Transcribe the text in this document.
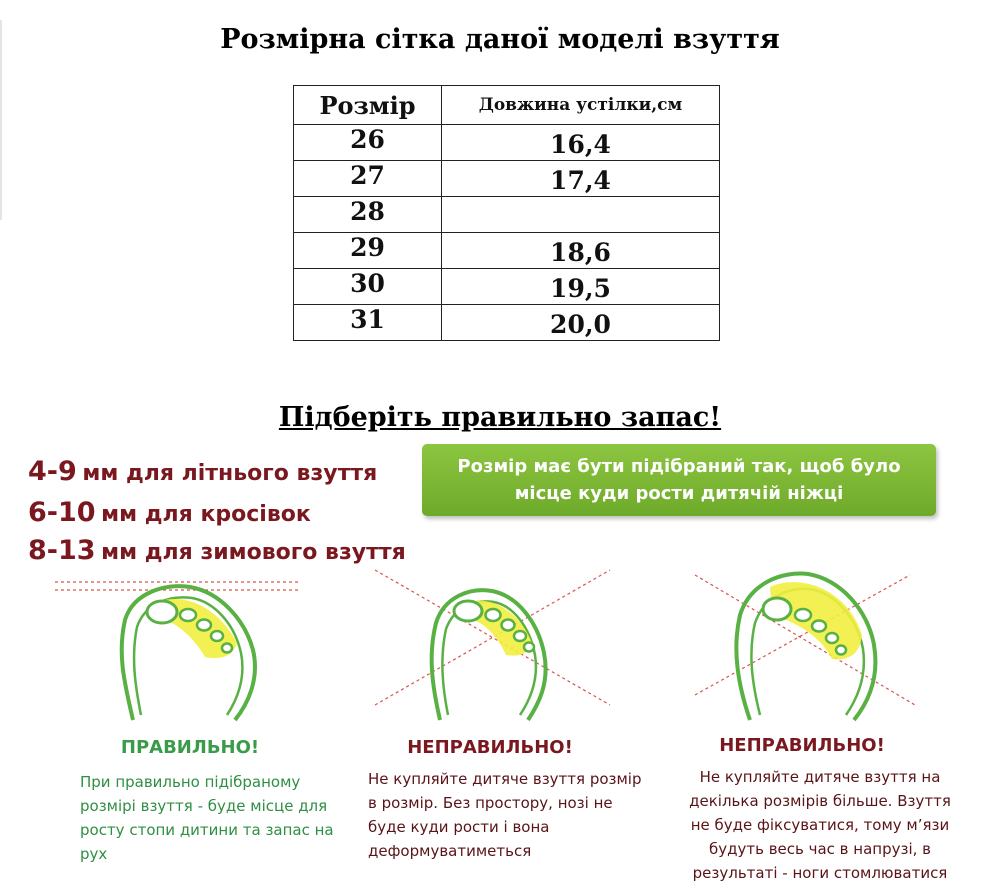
Розмірна сітка даної моделі взуття
Розмір	Довжина устілки,см
26	16,4
27	17,4
28	
29	18,6
30	19,5
31	20,0
Підберіть правильно запас!
4-9 мм для літнього взуття
6-10 мм для кросівок
8-13 мм для зимового взуття
Розмір має бути підібраний так, щоб було місце куди рости дитячій ніжці
ПРАВИЛЬНО!	НЕПРАВИЛЬНО!	НЕПРАВИЛЬНО!
При правильно підібраному розмірі взуття - буде місце для росту стопи дитини та запас на рух
Не купляйте дитяче взуття розмір в розмір. Без простору, нозі не буде куди рости і вона деформуватиметься
Не купляйте дитяче взуття на декілька розмірів більше. Взуття не буде фіксуватися, тому м’язи будуть весь час в напрузі, в результаті - ноги стомлюватися
